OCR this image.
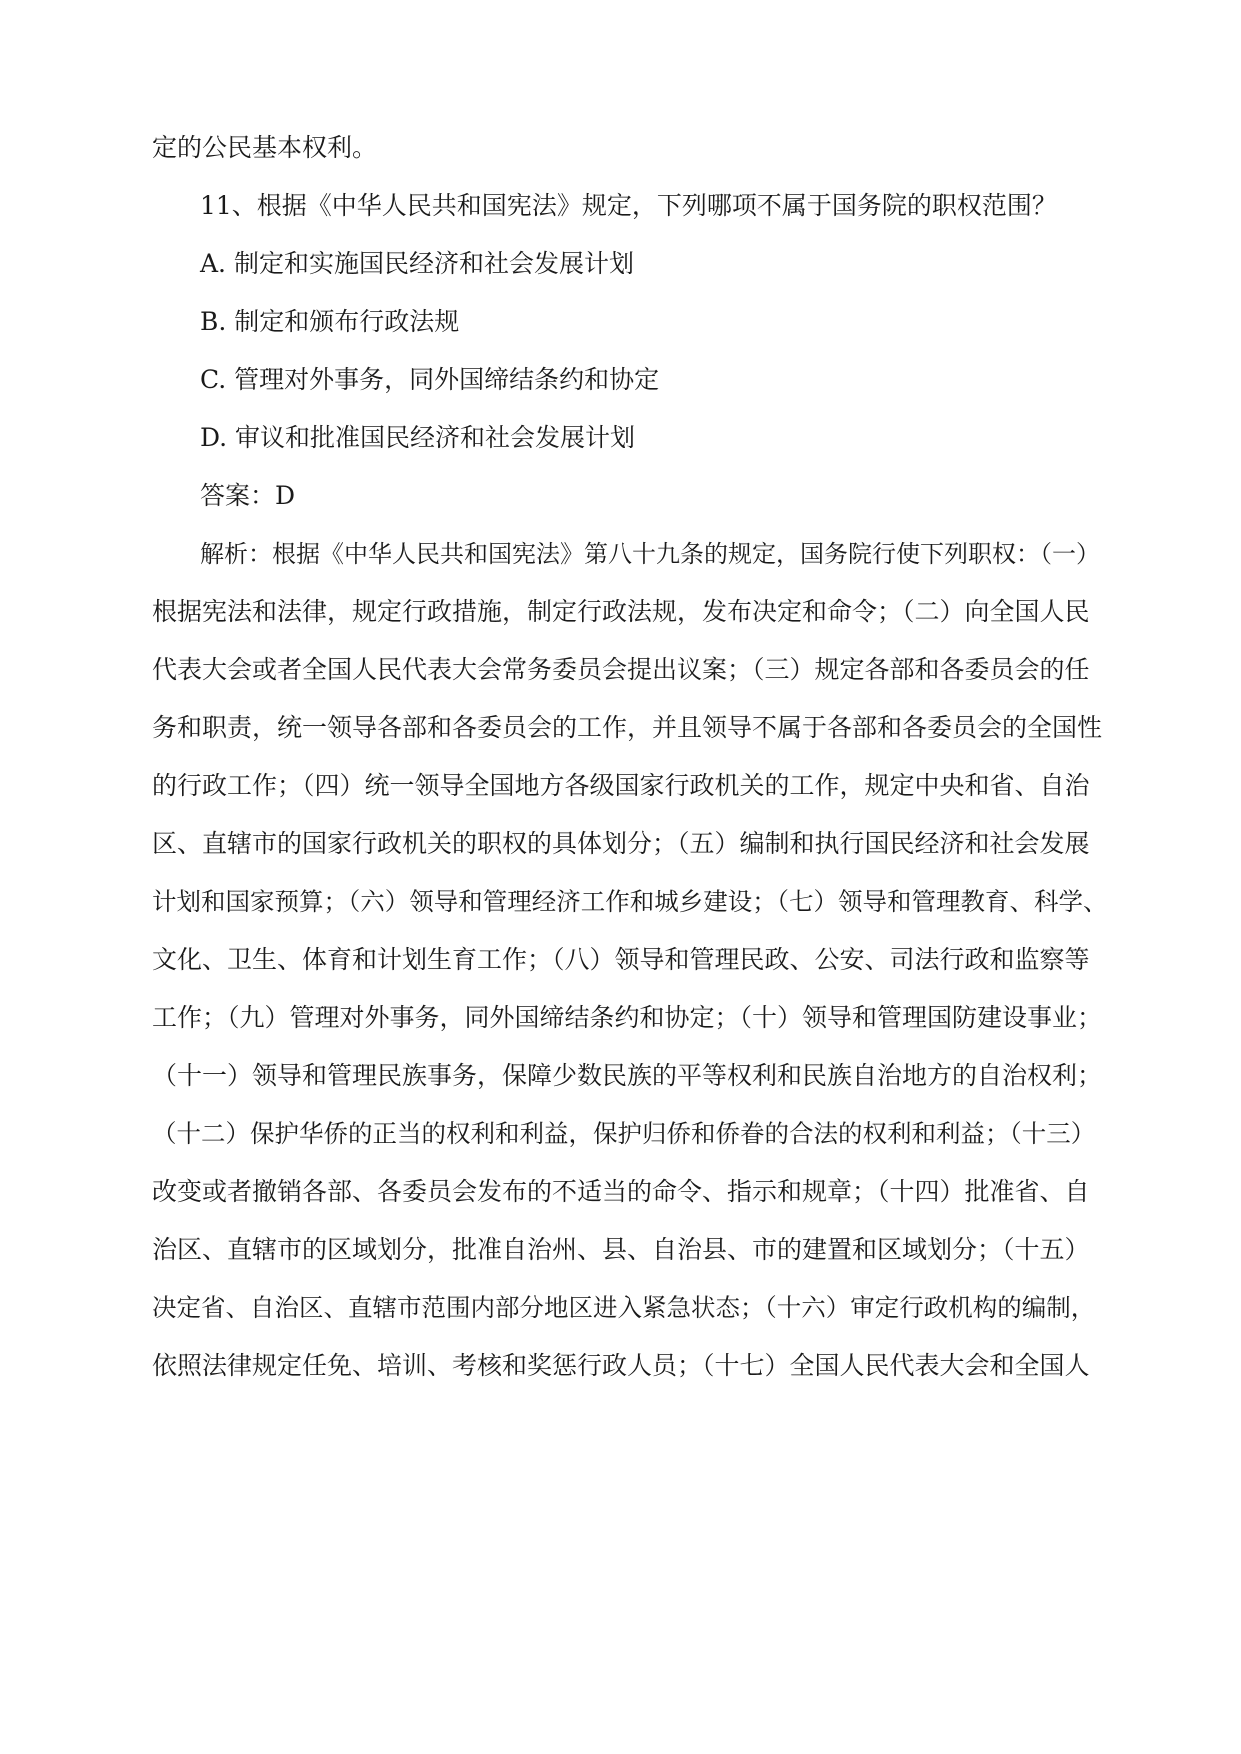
定的公民基本权利。
11、根据《中华人民共和国宪法》规定，下列哪项不属于国务院的职权范围？
A. 制定和实施国民经济和社会发展计划
B. 制定和颁布行政法规
C. 管理对外事务，同外国缔结条约和协定
D. 审议和批准国民经济和社会发展计划
答案：D
解析：根据《中华人民共和国宪法》第八十九条的规定，国务院行使下列职权：（一）
根据宪法和法律，规定行政措施，制定行政法规，发布决定和命令；（二）向全国人民
代表大会或者全国人民代表大会常务委员会提出议案；（三）规定各部和各委员会的任
务和职责，统一领导各部和各委员会的工作，并且领导不属于各部和各委员会的全国性
的行政工作；（四）统一领导全国地方各级国家行政机关的工作，规定中央和省、自治
区、直辖市的国家行政机关的职权的具体划分；（五）编制和执行国民经济和社会发展
计划和国家预算；（六）领导和管理经济工作和城乡建设；（七）领导和管理教育、科学、
文化、卫生、体育和计划生育工作；（八）领导和管理民政、公安、司法行政和监察等
工作；（九）管理对外事务，同外国缔结条约和协定；（十）领导和管理国防建设事业；
（十一）领导和管理民族事务，保障少数民族的平等权利和民族自治地方的自治权利；
（十二）保护华侨的正当的权利和利益，保护归侨和侨眷的合法的权利和利益；（十三）
改变或者撤销各部、各委员会发布的不适当的命令、指示和规章；（十四）批准省、自
治区、直辖市的区域划分，批准自治州、县、自治县、市的建置和区域划分；（十五）
决定省、自治区、直辖市范围内部分地区进入紧急状态；（十六）审定行政机构的编制，
依照法律规定任免、培训、考核和奖惩行政人员；（十七）全国人民代表大会和全国人
